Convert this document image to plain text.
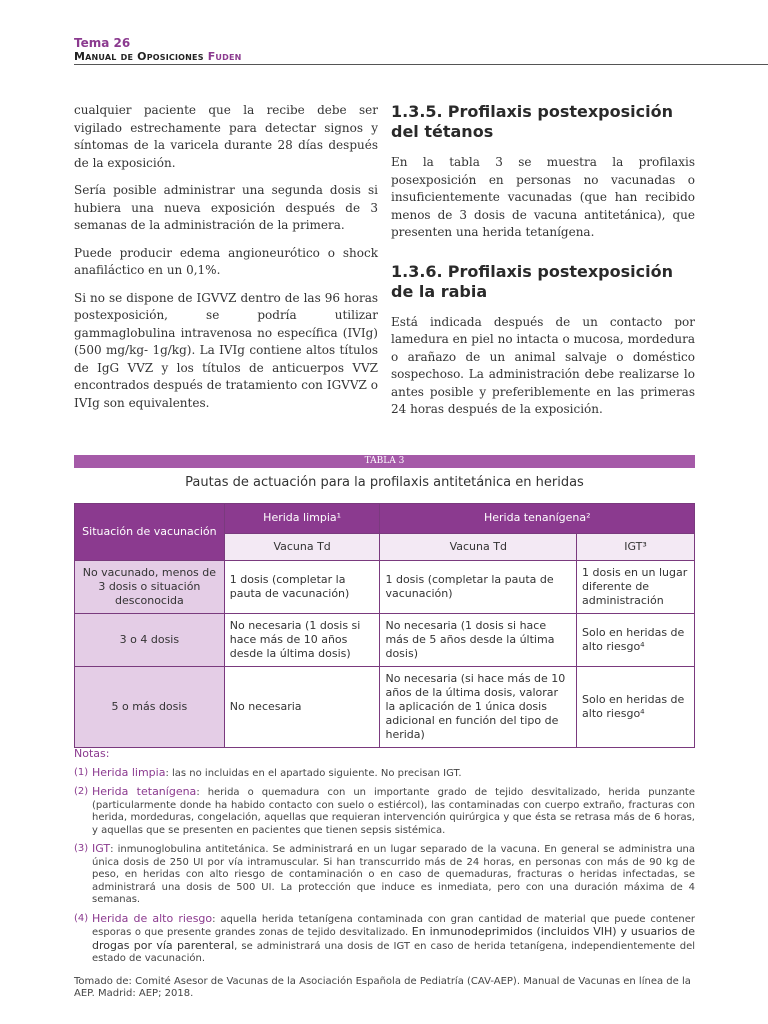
Tema 26
Manual de Oposiciones Fuden

cualquier paciente que la recibe debe ser vigilado estrechamente para detectar signos y síntomas de la varicela durante 28 días después de la exposición.

Sería posible administrar una segunda dosis si hubiera una nueva exposición después de 3 semanas de la administración de la primera.

Puede producir edema angioneurótico o shock anafiláctico en un 0,1%.

Si no se dispone de IGVVZ dentro de las 96 horas postexposición, se podría utilizar gammaglobulina intravenosa no específica (IVIg) (500 mg/kg- 1g/kg). La IVIg contiene altos títulos de IgG VVZ y los títulos de anticuerpos VVZ encontrados después de tratamiento con IGVVZ o IVIg son equivalentes.

1.3.5. Profilaxis postexposición del tétanos

En la tabla 3 se muestra la profilaxis posexposición en personas no vacunadas o insuficientemente vacunadas (que han recibido menos de 3 dosis de vacuna antitetánica), que presenten una herida tetanígena.

1.3.6. Profilaxis postexposición de la rabia

Está indicada después de un contacto por lamedura en piel no intacta o mucosa, mordedura o arañazo de un animal salvaje o doméstico sospechoso. La administración debe realizarse lo antes posible y preferiblemente en las primeras 24 horas después de la exposición.

TABLA 3
Pautas de actuación para la profilaxis antitetánica en heridas
Situación de vacunación	Herida limpia¹	Herida tenanígena²	
	Vacuna Td	Vacuna Td	IGT³
No vacunado, menos de 3 dosis o situación desconocida	1 dosis (completar la pauta de vacunación)	1 dosis (completar la pauta de vacunación)	1 dosis en un lugar diferente de administración
3 o 4 dosis	No necesaria (1 dosis si hace más de 10 años desde la última dosis)	No necesaria (1 dosis si hace más de 5 años desde la última dosis)	Solo en heridas de alto riesgo⁴
5 o más dosis	No necesaria	No necesaria (si hace más de 10 años de la última dosis, valorar la aplicación de 1 única dosis adicional en función del tipo de herida)	Solo en heridas de alto riesgo⁴
Notas:
(1) Herida limpia: las no incluidas en el apartado siguiente. No precisan IGT.
(2) Herida tetanígena: herida o quemadura con un importante grado de tejido desvitalizado, herida punzante (particularmente donde ha habido contacto con suelo o estiércol), las contaminadas con cuerpo extraño, fracturas con herida, mordeduras, congelación, aquellas que requieran intervención quirúrgica y que ésta se retrasa más de 6 horas, y aquellas que se presenten en pacientes que tienen sepsis sistémica.
(3) IGT: inmunoglobulina antitetánica. Se administrará en un lugar separado de la vacuna. En general se administra una única dosis de 250 UI por vía intramuscular. Si han transcurrido más de 24 horas, en personas con más de 90 kg de peso, en heridas con alto riesgo de contaminación o en caso de quemaduras, fracturas o heridas infectadas, se administrará una dosis de 500 UI. La protección que induce es inmediata, pero con una duración máxima de 4 semanas.
(4) Herida de alto riesgo: aquella herida tetanígena contaminada con gran cantidad de material que puede contener esporas o que presente grandes zonas de tejido desvitalizado. En inmunodeprimidos (incluidos VIH) y usuarios de drogas por vía parenteral, se administrará una dosis de IGT en caso de herida tetanígena, independientemente del estado de vacunación.
Tomado de: Comité Asesor de Vacunas de la Asociación Española de Pediatría (CAV-AEP). Manual de Vacunas en línea de la AEP. Madrid: AEP; 2018.
